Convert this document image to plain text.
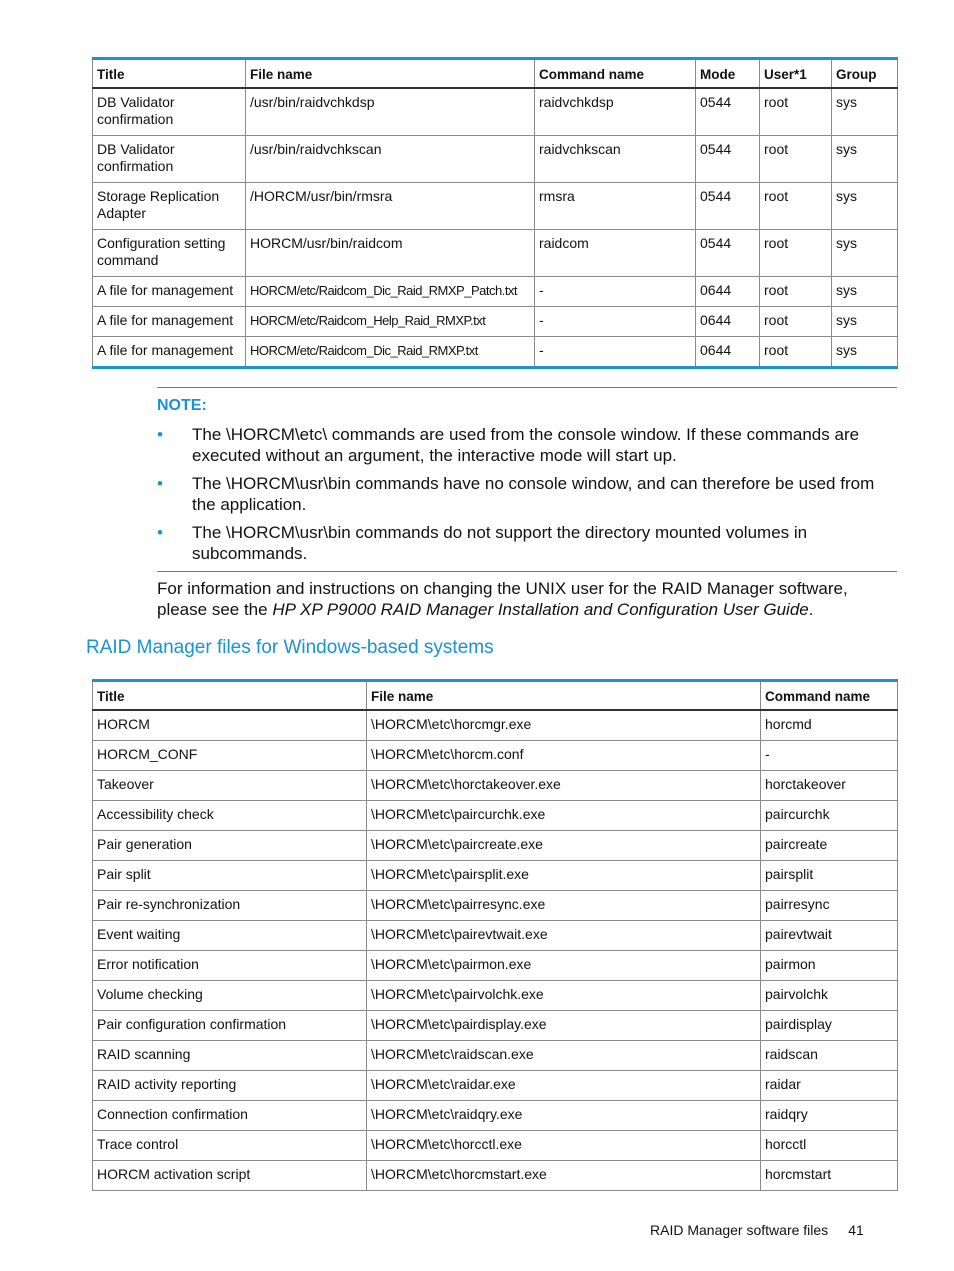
Title	File name	Command name	Mode	User*1	Group
DB Validator confirmation	/usr/bin/raidvchkdsp	raidvchkdsp	0544	root	sys
DB Validator confirmation	/usr/bin/raidvchkscan	raidvchkscan	0544	root	sys
Storage Replication Adapter	/HORCM/usr/bin/rmsra	rmsra	0544	root	sys
Configuration setting command	HORCM/usr/bin/raidcom	raidcom	0544	root	sys
A file for management	HORCM/etc/Raidcom_Dic_Raid_RMXP_Patch.txt	-	0644	root	sys
A file for management	HORCM/etc/Raidcom_Help_Raid_RMXP.txt	-	0644	root	sys
A file for management	HORCM/etc/Raidcom_Dic_Raid_RMXP.txt	-	0644	root	sys
NOTE:
• The \HORCM\etc\ commands are used from the console window. If these commands are executed without an argument, the interactive mode will start up.
• The \HORCM\usr\bin commands have no console window, and can therefore be used from the application.
• The \HORCM\usr\bin commands do not support the directory mounted volumes in subcommands.
For information and instructions on changing the UNIX user for the RAID Manager software, please see the HP XP P9000 RAID Manager Installation and Configuration User Guide.
RAID Manager files for Windows-based systems
Title	File name	Command name
HORCM	\HORCM\etc\horcmgr.exe	horcmd
HORCM_CONF	\HORCM\etc\horcm.conf	-
Takeover	\HORCM\etc\horctakeover.exe	horctakeover
Accessibility check	\HORCM\etc\paircurchk.exe	paircurchk
Pair generation	\HORCM\etc\paircreate.exe	paircreate
Pair split	\HORCM\etc\pairsplit.exe	pairsplit
Pair re-synchronization	\HORCM\etc\pairresync.exe	pairresync
Event waiting	\HORCM\etc\pairevtwait.exe	pairevtwait
Error notification	\HORCM\etc\pairmon.exe	pairmon
Volume checking	\HORCM\etc\pairvolchk.exe	pairvolchk
Pair configuration confirmation	\HORCM\etc\pairdisplay.exe	pairdisplay
RAID scanning	\HORCM\etc\raidscan.exe	raidscan
RAID activity reporting	\HORCM\etc\raidar.exe	raidar
Connection confirmation	\HORCM\etc\raidqry.exe	raidqry
Trace control	\HORCM\etc\horcctl.exe	horcctl
HORCM activation script	\HORCM\etc\horcmstart.exe	horcmstart
RAID Manager software files 41
